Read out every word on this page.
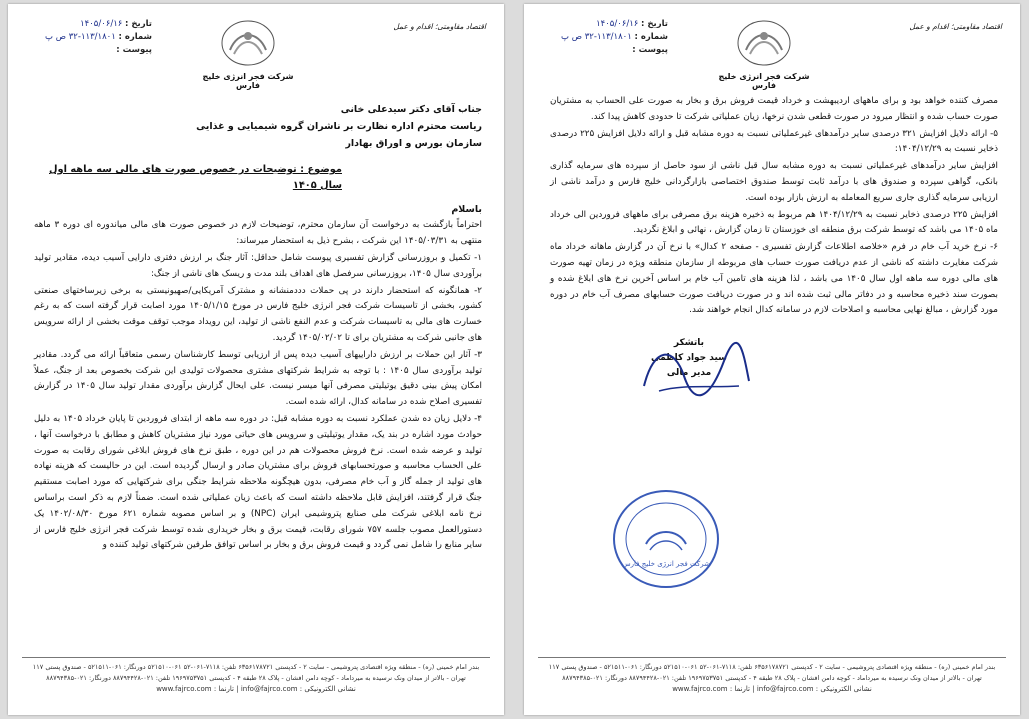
تاریخ : ۱۴۰۵/۰۶/۱۶
شماره : ۱۱۳/۱۸۰۱-۳۲ ص پ
پیوست :
شرکت فجر انرژی خلیج فارس
اقتصاد مقاومتی؛ اقدام و عمل

جناب آقای دکتر سیدعلی خانی

ریاست محترم اداره نظارت بر ناشران گروه شیمیایی و غذایی

سازمان بورس و اوراق بهادار

موضوع : توضیحات در خصوص صورت های مالی سه ماهه اول سال ۱۴۰۵

باسلام

احتراماً بازگشت به درخواست آن سازمان محترم، توضیحات لازم در خصوص صورت های مالی میاندوره ای دوره ۳ ماهه منتهی به ۱۴۰۵/۰۳/۳۱ این شرکت ، بشرح ذیل به استحضار میرساند:

۱- تکمیل و بروزرسانی گزارش تفسیری پیوست شامل حداقل: آثار جنگ بر ارزش دفتری دارایی آسیب دیده، مقادیر تولید برآوردی سال ۱۴۰۵، بروزرسانی سرفصل های اهداف بلند مدت و ریسک های ناشی از جنگ:

۲- همانگونه که استحضار دارند در پی حملات دددمنشانه و مشترک آمریکایی/صهیونیستی به برخی زیرساختهای صنعتی کشور، بخشی از تاسیسات شرکت فجر انرژی خلیج فارس در مورخ ۱۴۰۵/۱/۱۵ مورد اصابت قرار گرفته است که به رغم خسارت های مالی به تاسیسات شرکت و عدم النفع ناشی از تولید، این رویداد موجب توقف موقت بخشی از ارائه سرویس های جانبی شرکت به مشتریان برای تا ۱۴۰۵/۰۲/۰۲ گردید.

۳- آثار این حملات بر ارزش داراییهای آسیب دیده پس از ارزیابی توسط کارشناسان رسمی متعاقباً ارائه می گردد. مقادیر تولید برآوردی سال ۱۴۰۵ : با توجه به شرایط شرکتهای مشتری محصولات تولیدی این شرکت بخصوص بعد از جنگ، عملاً امکان پیش بینی دقیق یوتیلیتی مصرفی آنها میسر نیست. علی ایحال گزارش برآوردی مقدار تولید سال ۱۴۰۵ در گزارش تفسیری اصلاح شده در سامانه کدال، ارائه شده است.

۴- دلایل زیان ده شدن عملکرد نسبت به دوره مشابه قبل: در دوره سه ماهه از ابتدای فروردین تا پایان خرداد ۱۴۰۵ به دلیل حوادث مورد اشاره در بند یک، مقدار یوتیلیتی و سرویس های حیاتی مورد نیاز مشتریان کاهش و مطابق با درخواست آنها ، تولید و عرضه شده است. نرخ فروش محصولات هم در این دوره ، طبق نرخ های فروش ابلاغی شورای رقابت به صورت علی الحساب محاسبه و صورتحسابهای فروش برای مشتریان صادر و ارسال گردیده است. این در حالیست که هزینه نهاده های تولید از جمله گاز و آب خام مصرفی، بدون هیچگونه ملاحظه شرایط جنگی برای شرکتهایی که مورد اصابت مستقیم جنگ قرار گرفتند، افزایش قابل ملاحظه داشته است که باعث زیان عملیاتی شده است. ضمناً لازم به ذکر است براساس نرخ نامه ابلاغی شرکت ملی صنایع پتروشیمی ایران (NPC) و بر اساس مصوبه شماره ۶۲۱ مورخ ۱۴۰۲/۰۸/۳۰ یک دستورالعمل مصوب جلسه ۷۵۷ شورای رقابت، قیمت برق و بخار خریداری شده توسط شرکت فجر انرژی خلیج فارس از سایر منابع را شامل نمی گردد و قیمت فروش برق و بخار بر اساس توافق طرفین شرکتهای تولید کننده و

بندر امام خمینی (ره) - منطقه ویژه اقتصادی پتروشیمی - سایت ۲ - کدپستی ۶۳۵۶۱۷۸۷۲۱ تلفن: ۷۱۱۸-۰۶۱-۵۲ ۰۶۱-۵۲۱۵۱۰ دورنگار: ۰۶۱-۵۲۱۵۱۱ - صندوق پستی ۱۱۷
تهران - بالاتر از میدان ونک نرسیده به میرداماد - کوچه دامن افشان - پلاک ۲۸ طبقه ۴ - کدپستی ۱۹۶۹۷۵۳۷۵۱ تلفن: ۰۲۱-۸۸۷۹۴۴۲۸ دورنگار: ۰۲۱-۸۸۷۹۴۳۸۵
نشانی الکترونیکی : info@fajrco.com | تارنما : www.fajrco.com
تاریخ : ۱۴۰۵/۰۶/۱۶
شماره : ۱۱۳/۱۸۰۱-۳۲ ص پ
پیوست :
شرکت فجر انرژی خلیج فارس
اقتصاد مقاومتی؛ اقدام و عمل

مصرف کننده خواهد بود و برای ماههای اردیبهشت و خرداد قیمت فروش برق و بخار به صورت علی الحساب به مشتریان صورت حساب شده و انتظار میرود در صورت قطعی شدن نرخها، زیان عملیاتی شرکت تا حدودی کاهش پیدا کند.

۵- ارائه دلایل افزایش ۳۲۱ درصدی سایر درآمدهای غیرعملیاتی نسبت به دوره مشابه قبل و ارائه دلایل افزایش ۲۲۵ درصدی ذخایر نسبت به ۱۴۰۴/۱۲/۲۹:

افزایش سایر درآمدهای غیرعملیاتی نسبت به دوره مشابه سال قبل ناشی از سود حاصل از سپرده های سرمایه گذاری بانکی، گواهی سپرده و صندوق های با درآمد ثابت توسط صندوق اختصاصی بازارگردانی خلیج فارس و درآمد ناشی از ارزیابی سرمایه گذاری جاری سریع المعامله به ارزش بازار بوده است.

افزایش ۲۲۵ درصدی ذخایر نسبت به ۱۴۰۴/۱۲/۲۹ هم مربوط به ذخیره هزینه برق مصرفی برای ماههای فروردین الی خرداد ماه ۱۴۰۵ می باشد که توسط شرکت برق منطقه ای خوزستان تا زمان گزارش ، نهائی و ابلاغ نگردید.

۶- نرخ خرید آب خام در فرم «خلاصه اطلاعات گزارش تفسیری - صفحه ۲ کدال» با نرخ آن در گزارش ماهانه خرداد ماه شرکت مغایرت داشته که ناشی از عدم دریافت صورت حساب های مربوطه از سازمان منطقه ویژه در زمان تهیه صورت های مالی دوره سه ماهه اول سال ۱۴۰۵ می باشد ، لذا هزینه های تامین آب خام بر اساس آخرین نرخ های ابلاغ شده و بصورت سند ذخیره محاسبه و در دفاتر مالی ثبت شده اند و در صورت دریافت صورت حسابهای مصرف آب خام در دوره مورد گزارش ، مبالغ نهایی محاسبه و اصلاحات لازم در سامانه کدال انجام خواهند شد.

باتشکر
سید جواد کاظمی
مدیر مالی
شرکت فجر انرژی خلیج فارس
بندر امام خمینی (ره) - منطقه ویژه اقتصادی پتروشیمی - سایت ۲ - کدپستی ۶۳۵۶۱۷۸۷۲۱ تلفن: ۷۱۱۸-۰۶۱-۵۲ ۰۶۱-۵۲۱۵۱۰ دورنگار: ۰۶۱-۵۲۱۵۱۱ - صندوق پستی ۱۱۷
تهران - بالاتر از میدان ونک نرسیده به میرداماد - کوچه دامن افشان - پلاک ۲۸ طبقه ۴ - کدپستی ۱۹۶۹۷۵۳۷۵۱ تلفن: ۰۲۱-۸۸۷۹۴۴۲۸ دورنگار: ۰۲۱-۸۸۷۹۴۳۸۵
نشانی الکترونیکی : info@fajrco.com | تارنما : www.fajrco.com
